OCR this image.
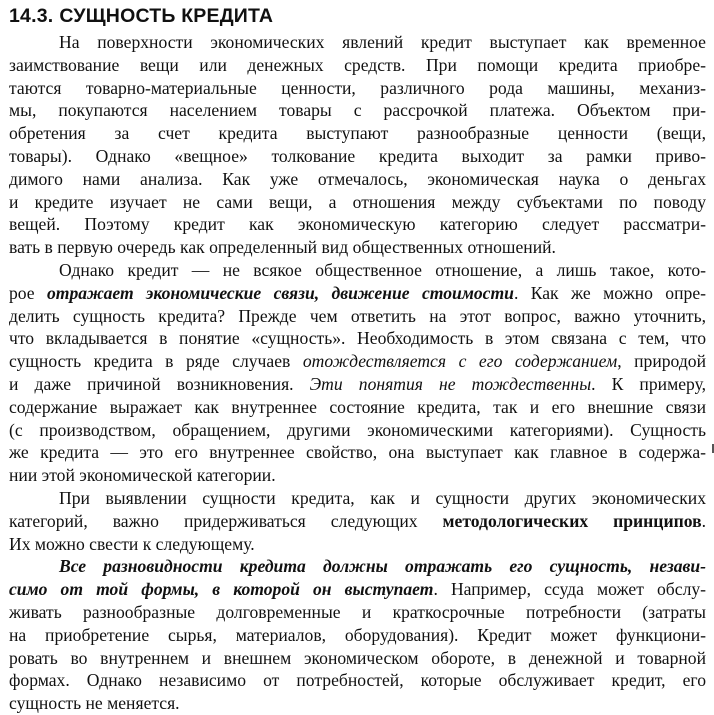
14.3. СУЩНОСТЬ КРЕДИТА
На поверхности экономических явлений кредит выступает как временное
заимствование вещи или денежных средств. При помощи кредита приобре-
таются товарно-материальные ценности, различного рода машины, механиз-
мы, покупаются населением товары с рассрочкой платежа. Объектом при-
обретения за счет кредита выступают разнообразные ценности (вещи,
товары). Однако «вещное» толкование кредита выходит за рамки приво-
димого нами анализа. Как уже отмечалось, экономическая наука о деньгах
и кредите изучает не сами вещи, а отношения между субъектами по поводу
вещей. Поэтому кредит как экономическую категорию следует рассматри-
вать в первую очередь как определенный вид общественных отношений.
Однако кредит — не всякое общественное отношение, а лишь такое, кото-
рое отражает экономические связи, движение стоимости. Как же можно опре-
делить сущность кредита? Прежде чем ответить на этот вопрос, важно уточнить,
что вкладывается в понятие «сущность». Необходимость в этом связана с тем, что
сущность кредита в ряде случаев отождествляется с его содержанием, природой
и даже причиной возникновения. Эти понятия не тождественны. К примеру,
содержание выражает как внутреннее состояние кредита, так и его внешние связи
(с производством, обращением, другими экономическими категориями). Сущность
же кредита — это его внутреннее свойство, она выступает как главное в содержа-
нии этой экономической категории.
При выявлении сущности кредита, как и сущности других экономических
категорий, важно придерживаться следующих методологических принципов.
Их можно свести к следующему.
Все разновидности кредита должны отражать его сущность, незави-
симо от той формы, в которой он выступает. Например, ссуда может обслу-
живать разнообразные долговременные и краткосрочные потребности (затраты
на приобретение сырья, материалов, оборудования). Кредит может функциони-
ровать во внутреннем и внешнем экономическом обороте, в денежной и товарной
формах. Однако независимо от потребностей, которые обслуживает кредит, его
сущность не меняется.
